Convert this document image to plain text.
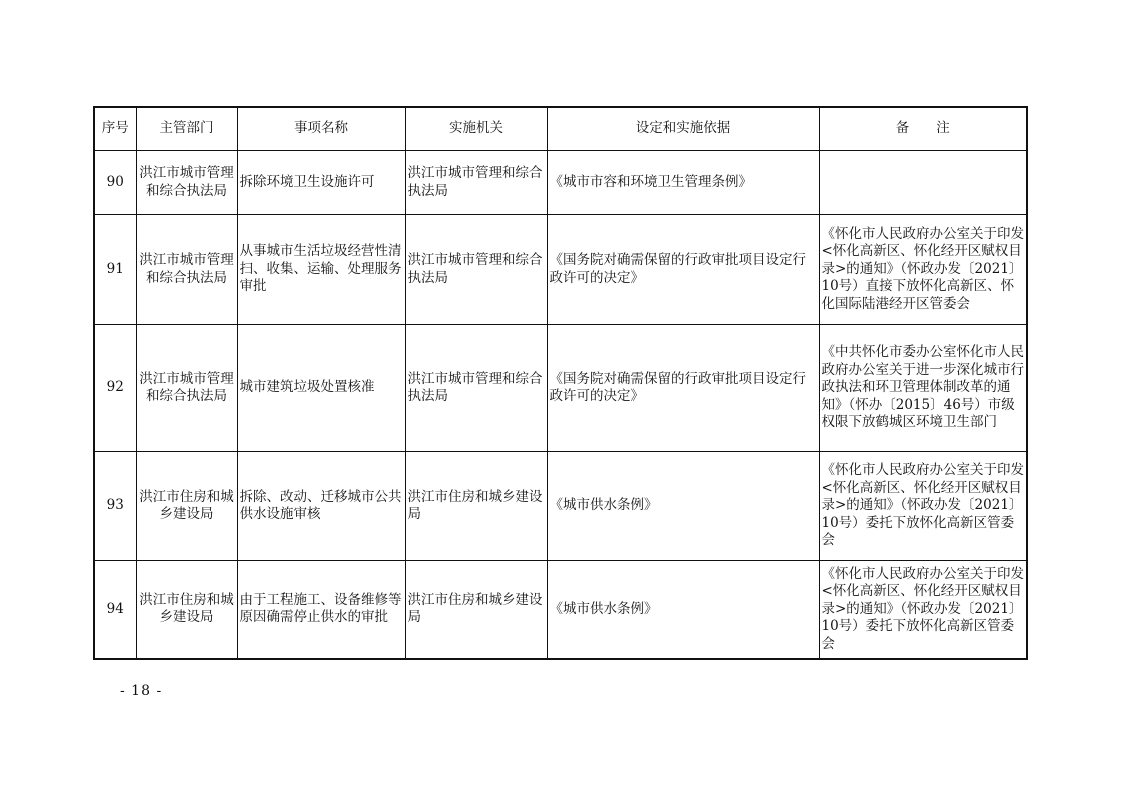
序号	主管部门	事项名称	实施机关	设定和实施依据	备　　注
90	洪江市城市管理和综合执法局	拆除环境卫生设施许可	洪江市城市管理和综合执法局	《城市市容和环境卫生管理条例》	
91	洪江市城市管理和综合执法局	从事城市生活垃圾经营性清扫、收集、运输、处理服务审批	洪江市城市管理和综合执法局	《国务院对确需保留的行政审批项目设定行政许可的决定》	《怀化市人民政府办公室关于印发<怀化高新区、怀化经开区赋权目录>的通知》（怀政办发〔2021〕10号）直接下放怀化高新区、怀化国际陆港经开区管委会
92	洪江市城市管理和综合执法局	城市建筑垃圾处置核准	洪江市城市管理和综合执法局	《国务院对确需保留的行政审批项目设定行政许可的决定》	《中共怀化市委办公室怀化市人民政府办公室关于进一步深化城市行政执法和环卫管理体制改革的通知》（怀办〔2015〕46号）市级权限下放鹤城区环境卫生部门
93	洪江市住房和城乡建设局	拆除、改动、迁移城市公共供水设施审核	洪江市住房和城乡建设局	《城市供水条例》	《怀化市人民政府办公室关于印发<怀化高新区、怀化经开区赋权目录>的通知》（怀政办发〔2021〕10号）委托下放怀化高新区管委会
94	洪江市住房和城乡建设局	由于工程施工、设备维修等原因确需停止供水的审批	洪江市住房和城乡建设局	《城市供水条例》	《怀化市人民政府办公室关于印发<怀化高新区、怀化经开区赋权目录>的通知》（怀政办发〔2021〕10号）委托下放怀化高新区管委会
- 18 -
